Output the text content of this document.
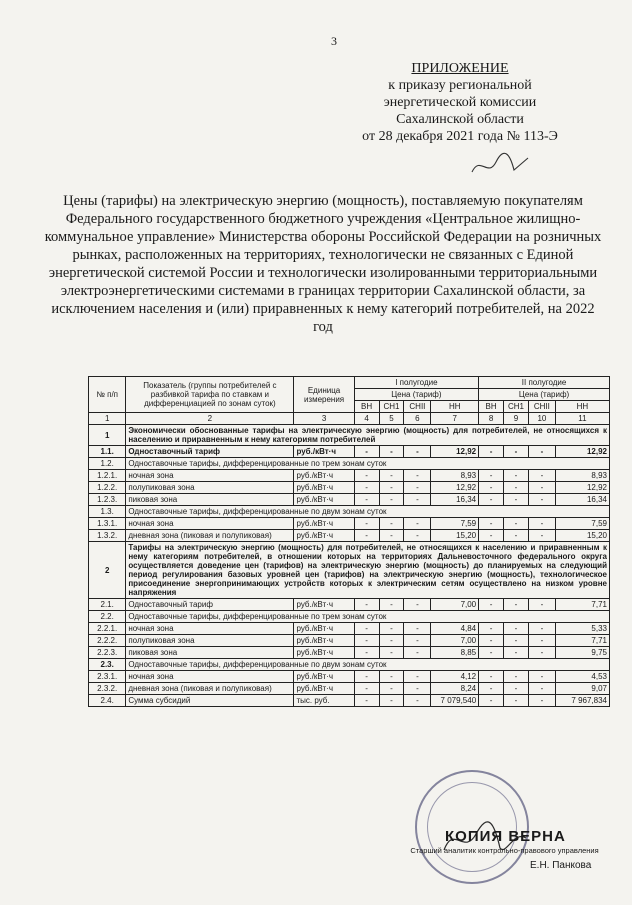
3
ПРИЛОЖЕНИЕ
к приказу региональной
энергетической комиссии
Сахалинской области
от 28 декабря 2021 года № 113-Э
Цены (тарифы) на электрическую энергию (мощность), поставляемую покупателям Федерального государственного бюджетного учреждения «Центральное жилищно-коммунальное управление» Министерства обороны Российской Федерации на розничных рынках, расположенных на территориях, технологически не связанных с Единой энергетической системой России и технологически изолированными территориальными электроэнергетическими системами в границах территории Сахалинской области, за исключением населения и (или) приравненных к нему категорий потребителей, на 2022 год
№ п/п	Показатель (группы потребителей с разбивкой тарифа по ставкам и дифференциацией по зонам суток)	Единица измерения	I полугодие				II полугодие			
			Цена (тариф)				Цена (тариф)			
			ВН	СН1	СНII	НН	ВН	СН1	СНII	НН
1	2	3	4	5	6	7	8	9	10	11
1	Экономически обоснованные тарифы на электрическую энергию (мощность) для потребителей, не относящихся к населению и приравненным к нему категориям потребителей									
1.1.	Одноставочный тариф	руб./кВт·ч	-	-	-	12,92	-	-	-	12,92
1.2.	Одноставочные тарифы, дифференцированные по трем зонам суток									
1.2.1.	ночная зона	руб./кВт·ч	-	-	-	8,93	-	-	-	8,93
1.2.2.	полупиковая зона	руб./кВт·ч	-	-	-	12,92	-	-	-	12,92
1.2.3.	пиковая зона	руб./кВт·ч	-	-	-	16,34	-	-	-	16,34
1.3.	Одноставочные тарифы, дифференцированные по двум зонам суток									
1.3.1.	ночная зона	руб./кВт·ч	-	-	-	7,59	-	-	-	7,59
1.3.2.	дневная зона (пиковая и полупиковая)	руб./кВт·ч	-	-	-	15,20	-	-	-	15,20
2	Тарифы на электрическую энергию (мощность) для потребителей, не относящихся к населению и приравненным к нему категориям потребителей, в отношении которых на территориях Дальневосточного федерального округа осуществляется доведение цен (тарифов) на электрическую энергию (мощность) до планируемых на следующий период регулирования базовых уровней цен (тарифов) на электрическую энергию (мощность), технологическое присоединение энергопринимающих устройств которых к электрическим сетям осуществлено на низком уровне напряжения									
2.1.	Одноставочный тариф	руб./кВт·ч	-	-	-	7,00	-	-	-	7,71
2.2.	Одноставочные тарифы, дифференцированные по трем зонам суток									
2.2.1.	ночная зона	руб./кВт·ч	-	-	-	4,84	-	-	-	5,33
2.2.2.	полупиковая зона	руб./кВт·ч	-	-	-	7,00	-	-	-	7,71
2.2.3.	пиковая зона	руб./кВт·ч	-	-	-	8,85	-	-	-	9,75
2.3.	Одноставочные тарифы, дифференцированные по двум зонам суток									
2.3.1.	ночная зона	руб./кВт·ч	-	-	-	4,12	-	-	-	4,53
2.3.2.	дневная зона (пиковая и полупиковая)	руб./кВт·ч	-	-	-	8,24	-	-	-	9,07
2.4.	Сумма субсидий	тыс. руб.	-	-	-	7 079,540	-	-	-	7 967,834
КОПИЯ ВЕРНА
Старший аналитик контрольно-правового управления
Е.Н. Панкова
